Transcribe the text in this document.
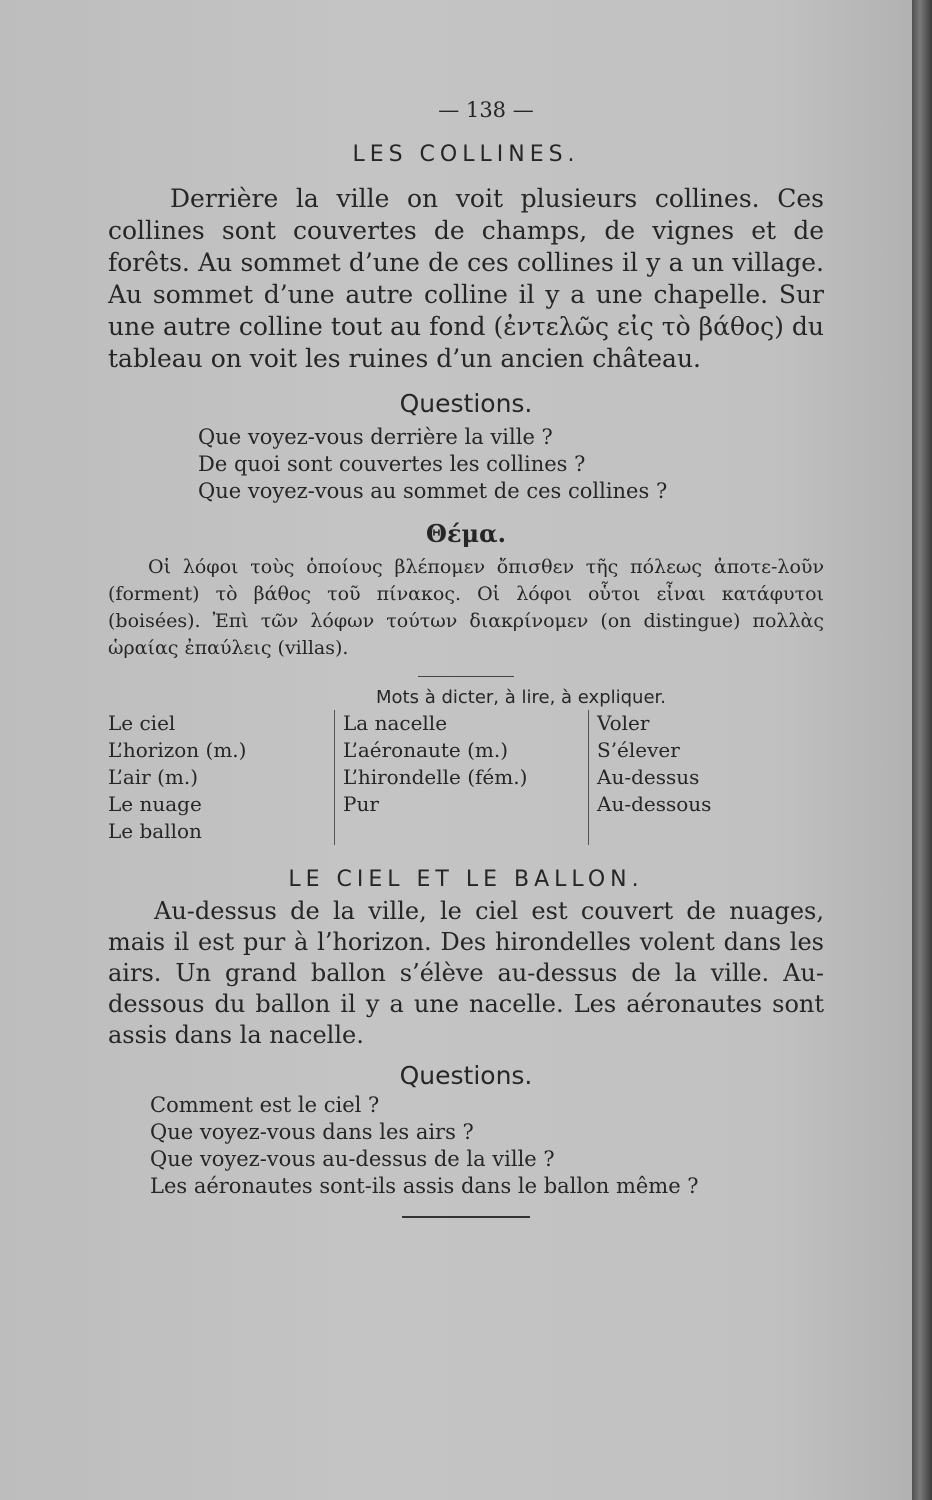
— 138 —
LES COLLINES.

Derrière la ville on voit plusieurs collines. Ces collines sont couvertes de champs, de vignes et de forêts. Au sommet d’une de ces collines il y a un village. Au sommet d’une autre colline il y a une chapelle. Sur une autre colline tout au fond (ἐντελῶς εἰς τὸ βάθος) du tableau on voit les ruines d’un ancien château.

Questions.
Que voyez-vous derrière la ville ?
De quoi sont couvertes les collines ?
Que voyez-vous au sommet de ces collines ?
Θέμα.

Οἱ λόφοι τοὺς ὁποίους βλέπομεν ὄπισθεν τῆς πόλεως ἀποτε-λοῦν (forment) τὸ βάθος τοῦ πίνακος. Οἱ λόφοι οὗτοι εἶναι κατάφυτοι (boisées). Ἐπὶ τῶν λόφων τούτων διακρίνομεν (on distingue) πολλὰς ὡραίας ἐπαύλεις (villas).

Mots à dicter, à lire, à expliquer.
Le ciel
L’horizon (m.)
L’air (m.)
Le nuage
Le ballon
La nacelle
L’aéronaute (m.)
L’hirondelle (fém.)
Pur
Voler
S’élever
Au-dessus
Au-dessous
LE CIEL ET LE BALLON.

Au-dessus de la ville, le ciel est couvert de nuages, mais il est pur à l’horizon. Des hirondelles volent dans les airs. Un grand ballon s’élève au-dessus de la ville. Au-dessous du ballon il y a une nacelle. Les aéronautes sont assis dans la nacelle.

Questions.
Comment est le ciel ?
Que voyez-vous dans les airs ?
Que voyez-vous au-dessus de la ville ?
Les aéronautes sont-ils assis dans le ballon même ?
